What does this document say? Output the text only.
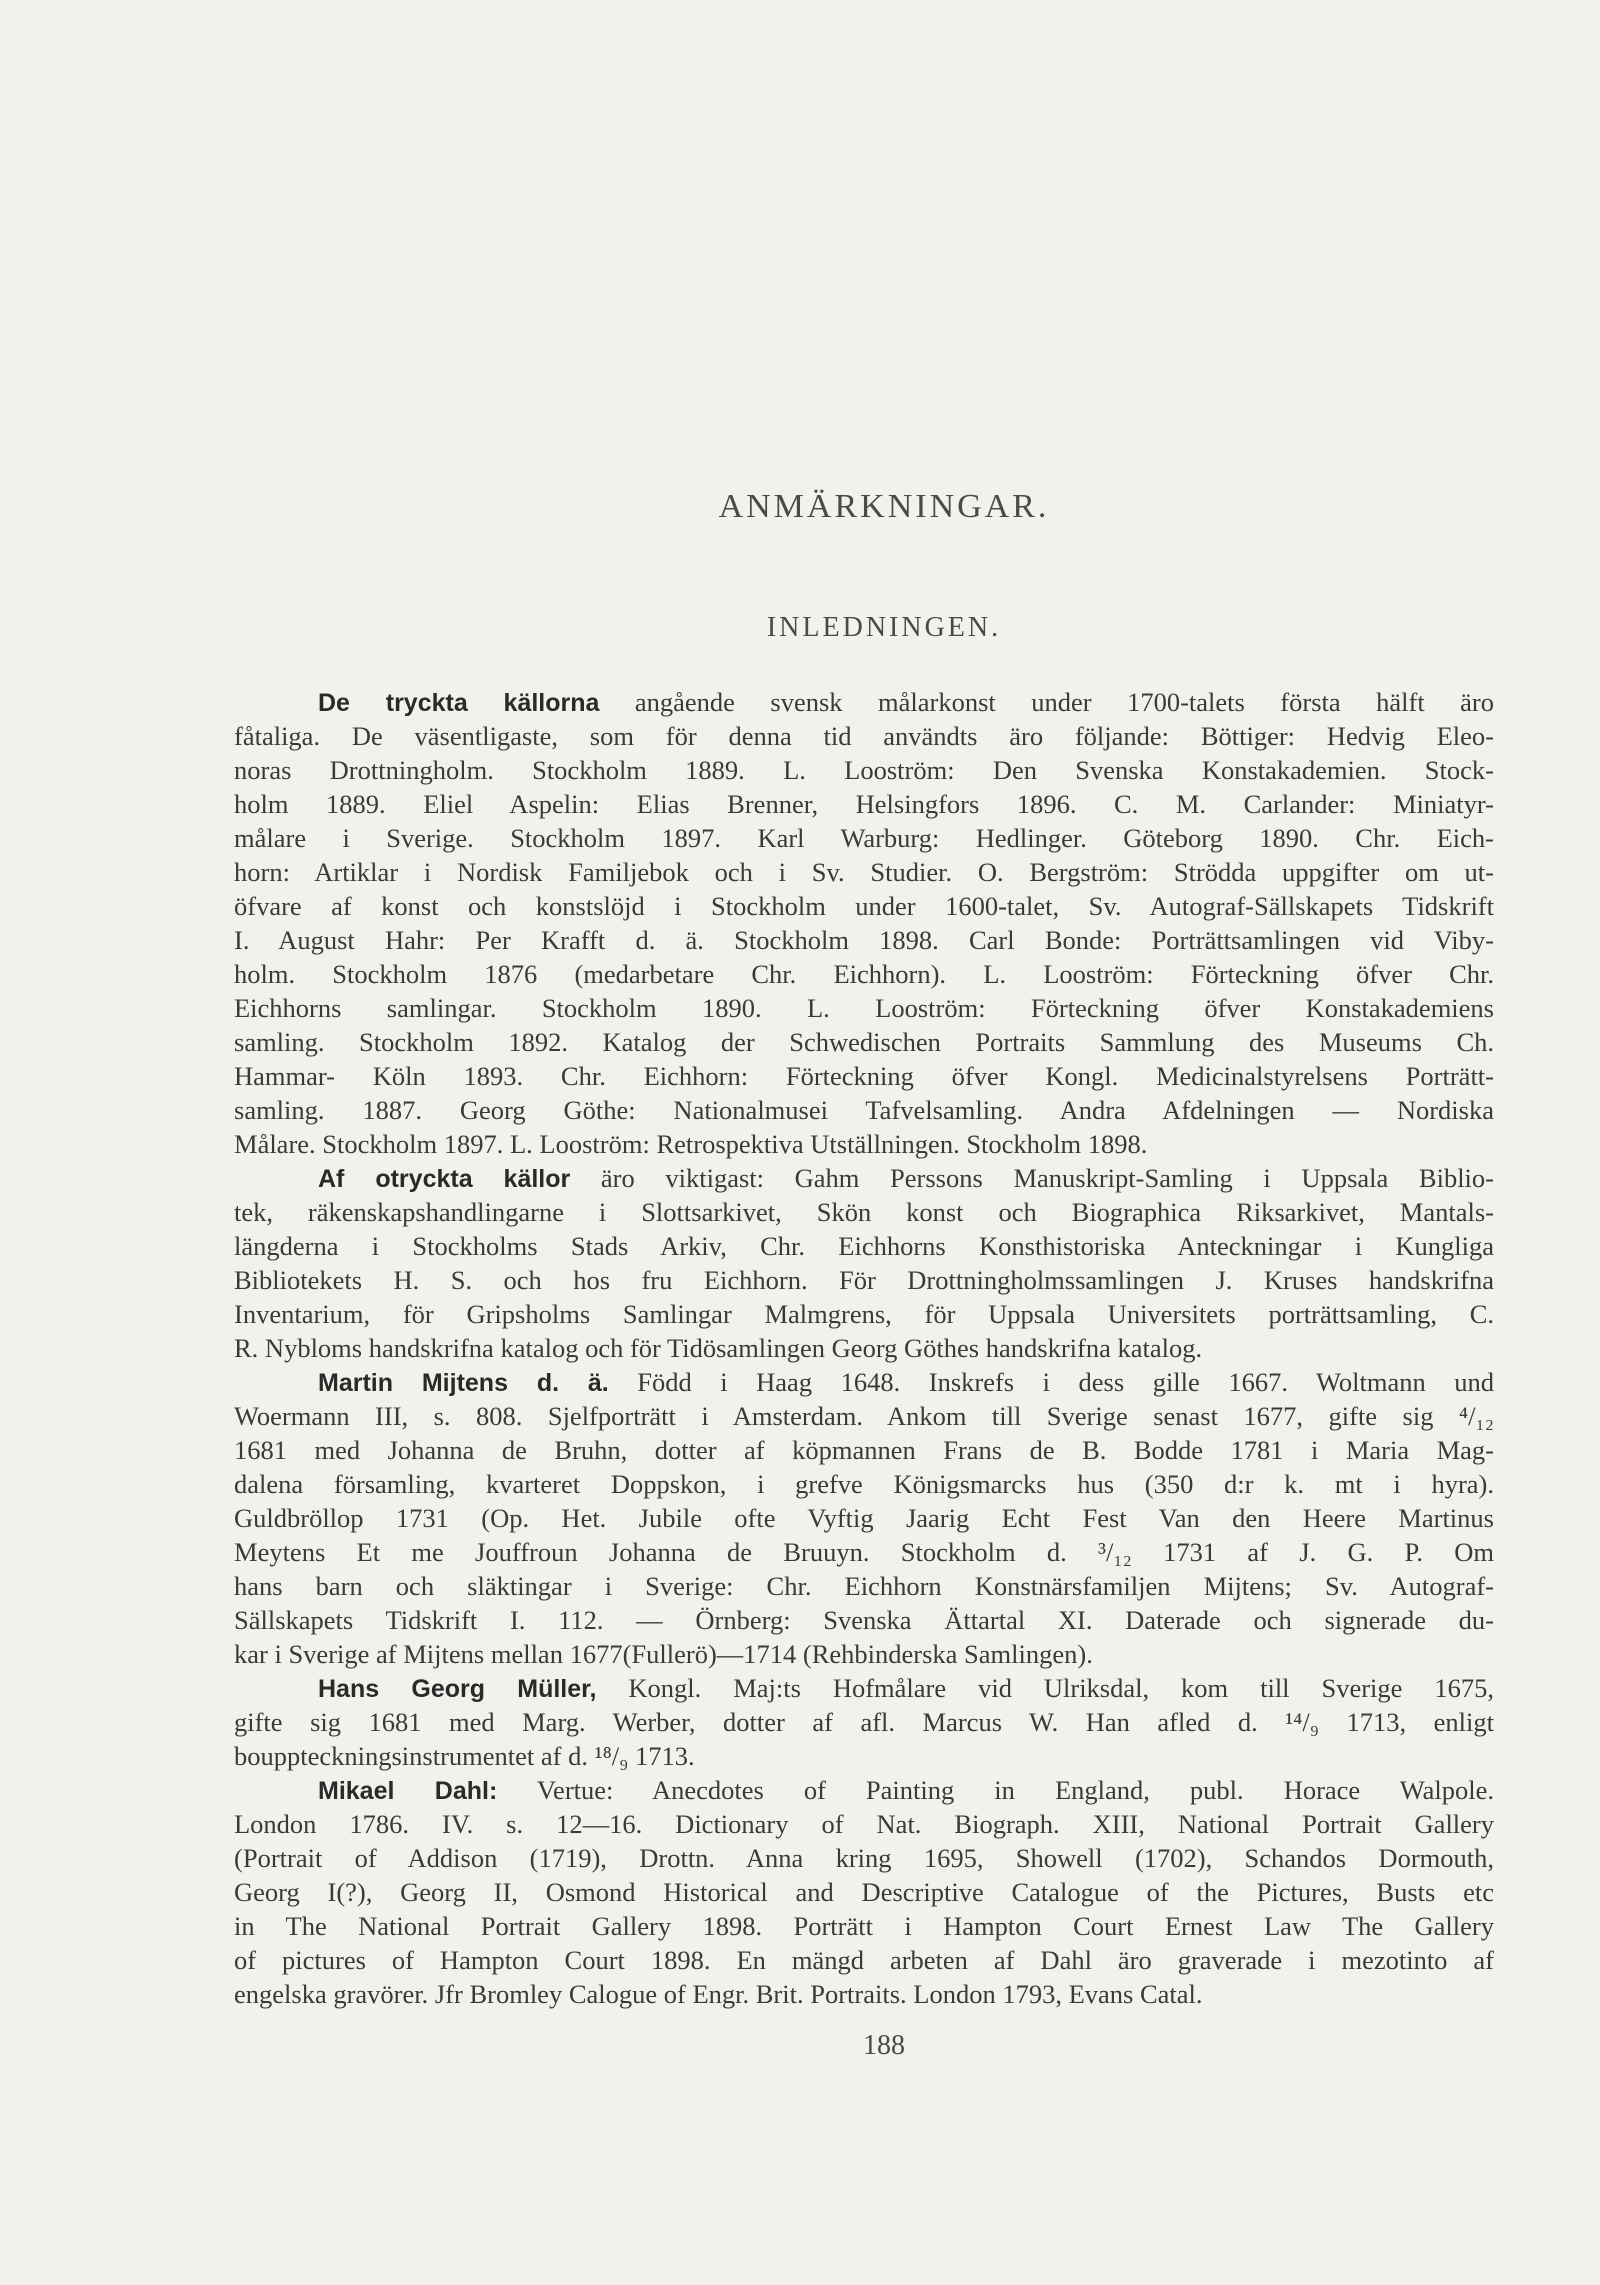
ANMÄRKNINGAR.
INLEDNINGEN.
De tryckta källorna angående svensk målarkonst under 1700-talets första hälft äro
fåtaliga. De väsentligaste, som för denna tid användts äro följande: Böttiger: Hedvig Eleo-
noras Drottningholm. Stockholm 1889. L. Looström: Den Svenska Konstakademien. Stock-
holm 1889. Eliel Aspelin: Elias Brenner, Helsingfors 1896. C. M. Carlander: Miniatyr-
målare i Sverige. Stockholm 1897. Karl Warburg: Hedlinger. Göteborg 1890. Chr. Eich-
horn: Artiklar i Nordisk Familjebok och i Sv. Studier. O. Bergström: Strödda uppgifter om ut-
öfvare af konst och konstslöjd i Stockholm under 1600-talet, Sv. Autograf-Sällskapets Tidskrift
I. August Hahr: Per Krafft d. ä. Stockholm 1898. Carl Bonde: Porträttsamlingen vid Viby-
holm. Stockholm 1876 (medarbetare Chr. Eichhorn). L. Looström: Förteckning öfver Chr.
Eichhorns samlingar. Stockholm 1890. L. Looström: Förteckning öfver Konstakademiens
samling. Stockholm 1892. Katalog der Schwedischen Portraits Sammlung des Museums Ch.
Hammar- Köln 1893. Chr. Eichhorn: Förteckning öfver Kongl. Medicinalstyrelsens Porträtt-
samling. 1887. Georg Göthe: Nationalmusei Tafvelsamling. Andra Afdelningen — Nordiska
Målare. Stockholm 1897. L. Looström: Retrospektiva Utställningen. Stockholm 1898.
Af otryckta källor äro viktigast: Gahm Perssons Manuskript-Samling i Uppsala Biblio-
tek, räkenskapshandlingarne i Slottsarkivet, Skön konst och Biographica Riksarkivet, Mantals-
längderna i Stockholms Stads Arkiv, Chr. Eichhorns Konsthistoriska Anteckningar i Kungliga
Bibliotekets H. S. och hos fru Eichhorn. För Drottningholmssamlingen J. Kruses handskrifna
Inventarium, för Gripsholms Samlingar Malmgrens, för Uppsala Universitets porträttsamling, C.
R. Nybloms handskrifna katalog och för Tidösamlingen Georg Göthes handskrifna katalog.
Martin Mijtens d. ä. Född i Haag 1648. Inskrefs i dess gille 1667. Woltmann und
Woermann III, s. 808. Sjelfporträtt i Amsterdam. Ankom till Sverige senast 1677, gifte sig ⁴/₁₂
1681 med Johanna de Bruhn, dotter af köpmannen Frans de B. Bodde 1781 i Maria Mag-
dalena församling, kvarteret Doppskon, i grefve Königsmarcks hus (350 d:r k. mt i hyra).
Guldbröllop 1731 (Op. Het. Jubile ofte Vyftig Jaarig Echt Fest Van den Heere Martinus
Meytens Et me Jouffroun Johanna de Bruuyn. Stockholm d. ³/₁₂ 1731 af J. G. P. Om
hans barn och släktingar i Sverige: Chr. Eichhorn Konstnärsfamiljen Mijtens; Sv. Autograf-
Sällskapets Tidskrift I. 112. — Örnberg: Svenska Ättartal XI. Daterade och signerade du-
kar i Sverige af Mijtens mellan 1677(Fullerö)—1714 (Rehbinderska Samlingen).
Hans Georg Müller, Kongl. Maj:ts Hofmålare vid Ulriksdal, kom till Sverige 1675,
gifte sig 1681 med Marg. Werber, dotter af afl. Marcus W. Han afled d. ¹⁴/₉ 1713, enligt
bouppteckningsinstrumentet af d. ¹⁸/₉ 1713.
Mikael Dahl: Vertue: Anecdotes of Painting in England, publ. Horace Walpole.
London 1786. IV. s. 12—16. Dictionary of Nat. Biograph. XIII, National Portrait Gallery
(Portrait of Addison (1719), Drottn. Anna kring 1695, Showell (1702), Schandos Dormouth,
Georg I(?), Georg II, Osmond Historical and Descriptive Catalogue of the Pictures, Busts etc
in The National Portrait Gallery 1898. Porträtt i Hampton Court Ernest Law The Gallery
of pictures of Hampton Court 1898. En mängd arbeten af Dahl äro graverade i mezotinto af
engelska gravörer. Jfr Bromley Calogue of Engr. Brit. Portraits. London 1793, Evans Catal.
188
